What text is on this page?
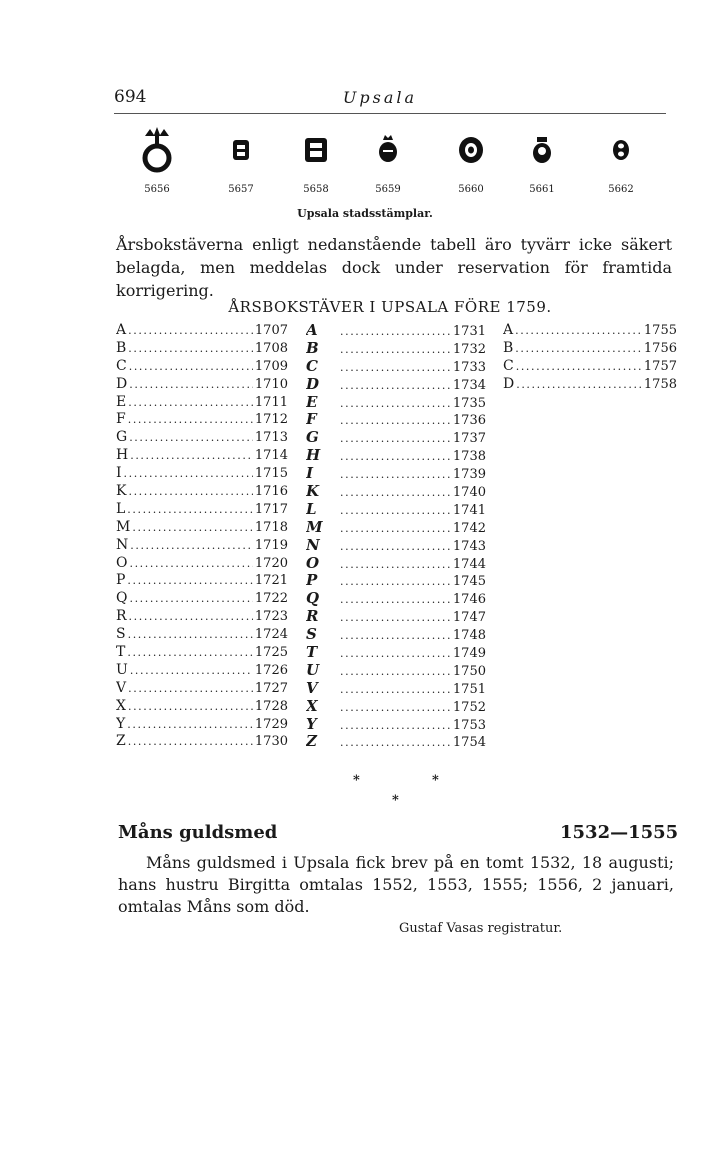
694	Upsala
5656	5657	5658	5659	5660	5661	5662
Upsala stadsstämplar.
Årsbokstäverna enligt nedanstående tabell äro tyvärr icke säkert belagda, men meddelas dock under reservation för framtida korrigering.
ÅRSBOKSTÄVER I UPSALA FÖRE 1759.
A .....	1707
B .....	1708
C .....	1709
D .....	1710
E .....	1711
F .....	1712
G .....	1713
H .....	1714
I .....	1715
K .....	1716
L .....	1717
M .....	1718
N .....	1719
O .....	1720
P .....	1721
Q .....	1722
R .....	1723
S .....	1724
T .....	1725
U .....	1726
V .....	1727
X .....	1728
Y .....	1729
Z .....	1730
A .....	1731
B .....	1732
C .....	1733
D .....	1734
E .....	1735
F .....	1736
G .....	1737
H .....	1738
I .....	1739
K .....	1740
L .....	1741
M .....	1742
N .....	1743
O .....	1744
P .....	1745
Q .....	1746
R .....	1747
S .....	1748
T .....	1749
U .....	1750
V .....	1751
X .....	1752
Y .....	1753
Z .....	1754
A .....	1755
B .....	1756
C .....	1757
D .....	1758
*	*
*
Måns guldsmed	1532—1555
Måns guldsmed i Upsala fick brev på en tomt 1532, 18 augusti; hans hustru Birgitta omtalas 1552, 1553, 1555; 1556, 2 januari, omtalas Måns som död.
Gustaf Vasas registratur.
